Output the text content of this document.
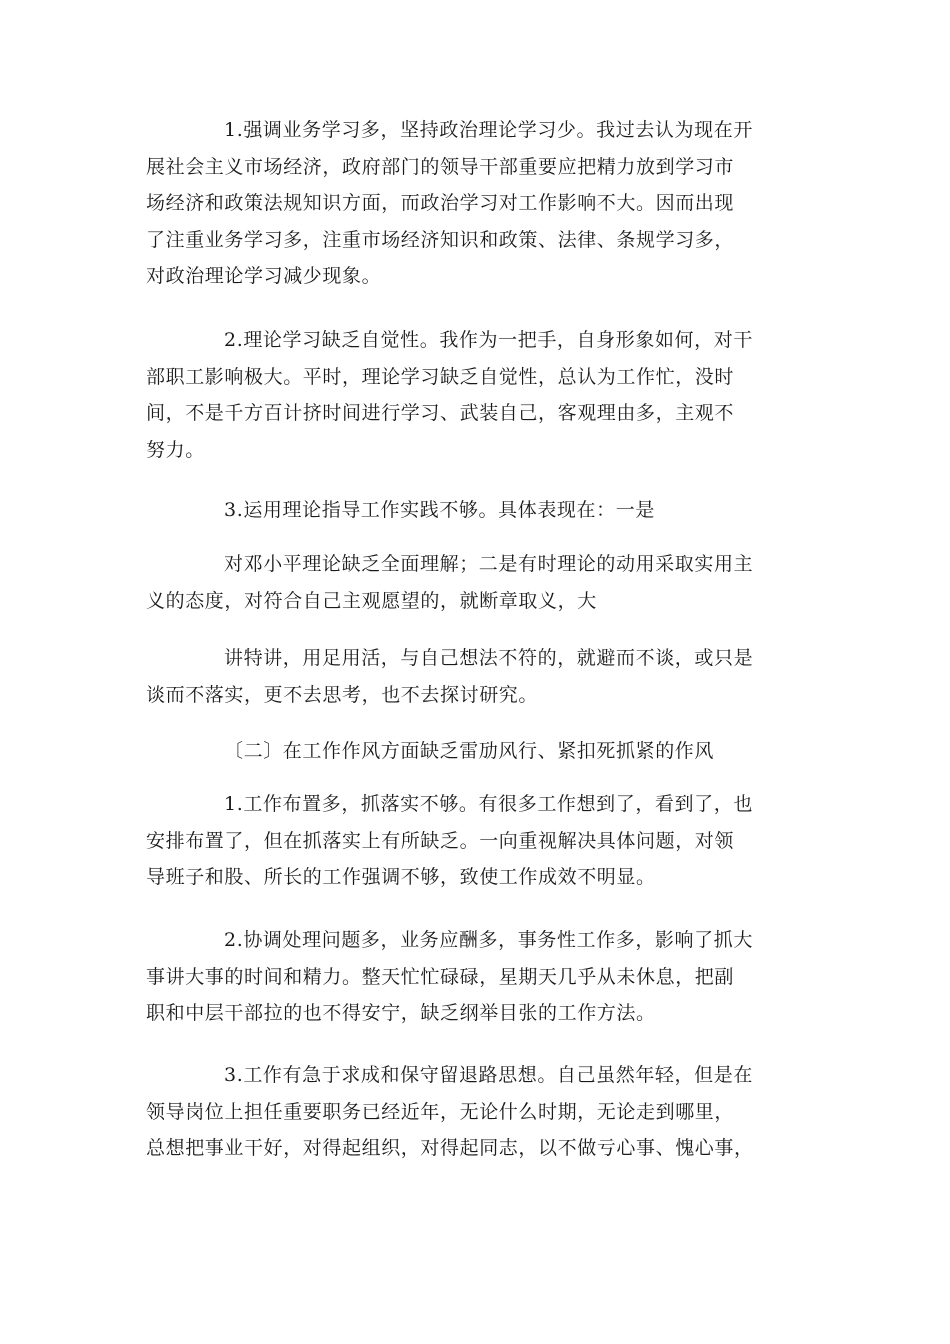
1.强调业务学习多，坚持政治理论学习少。我过去认为现在开
展社会主义市场经济，政府部门的领导干部重要应把精力放到学习市
场经济和政策法规知识方面，而政治学习对工作影响不大。因而出现
了注重业务学习多，注重市场经济知识和政策、法律、条规学习多，
对政治理论学习减少现象。
2.理论学习缺乏自觉性。我作为一把手，自身形象如何，对干
部职工影响极大。平时，理论学习缺乏自觉性，总认为工作忙，没时
间，不是千方百计挤时间进行学习、武装自己，客观理由多，主观不
努力。
3.运用理论指导工作实践不够。具体表现在：一是
对邓小平理论缺乏全面理解；二是有时理论的动用采取实用主
义的态度，对符合自己主观愿望的，就断章取义，大
讲特讲，用足用活，与自己想法不符的，就避而不谈，或只是
谈而不落实，更不去思考，也不去探讨研究。
〔二〕在工作作风方面缺乏雷劢风行、紧扣死抓紧的作风
1.工作布置多，抓落实不够。有很多工作想到了，看到了，也
安排布置了，但在抓落实上有所缺乏。一向重视解决具体问题，对领
导班子和股、所长的工作强调不够，致使工作成效不明显。
2.协调处理问题多，业务应酬多，事务性工作多，影响了抓大
事讲大事的时间和精力。整天忙忙碌碌，星期天几乎从未休息，把副
职和中层干部拉的也不得安宁，缺乏纲举目张的工作方法。
3.工作有急于求成和保守留退路思想。自己虽然年轻，但是在
领导岗位上担任重要职务已经近年，无论什么时期，无论走到哪里，
总想把事业干好，对得起组织，对得起同志，以不做亏心事、愧心事，
